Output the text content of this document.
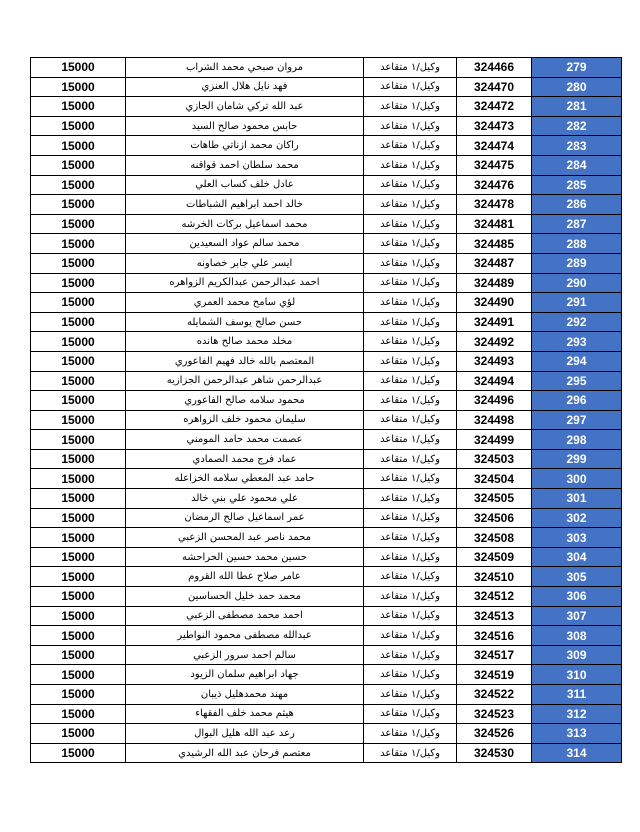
15000	مروان صبحي محمد الشراب	وكيل/١ متقاعد	324466	279
15000	فهد نايل هلال العنزي	وكيل/١ متقاعد	324470	280
15000	عبد الله تركي شامان الجازي	وكيل/١ متقاعد	324472	281
15000	حابس محمود صالح السيد	وكيل/١ متقاعد	324473	282
15000	راكان محمد ازناتي طاهات	وكيل/١ متقاعد	324474	283
15000	محمد سلطان احمد قواقنه	وكيل/١ متقاعد	324475	284
15000	عادل خلف كساب العلي	وكيل/١ متقاعد	324476	285
15000	خالد احمد ابراهيم الشباطات	وكيل/١ متقاعد	324478	286
15000	محمد اسماعيل بركات الخرشه	وكيل/١ متقاعد	324481	287
15000	محمد سالم عواد السعيدين	وكيل/١ متقاعد	324485	288
15000	ايسر علي جابر خصاونه	وكيل/١ متقاعد	324487	289
15000	احمد عبدالرحمن عبدالكريم الزواهره	وكيل/١ متقاعد	324489	290
15000	لؤي سامح محمد العمري	وكيل/١ متقاعد	324490	291
15000	حسن صالح يوسف الشمايله	وكيل/١ متقاعد	324491	292
15000	مخلد محمد صالح هانده	وكيل/١ متقاعد	324492	293
15000	المعتصم بالله خالد فهيم الفاعوري	وكيل/١ متقاعد	324493	294
15000	عبدالرحمن شاهر عبدالرحمن الجزازيه	وكيل/١ متقاعد	324494	295
15000	محمود سلامه صالح الفاعوري	وكيل/١ متقاعد	324496	296
15000	سليمان محمود خلف الزواهره	وكيل/١ متقاعد	324498	297
15000	عصمت محمد حامد المومني	وكيل/١ متقاعد	324499	298
15000	عماد فرج محمد الصمادي	وكيل/١ متقاعد	324503	299
15000	حامد عبد المعطي سلامه الخزاعله	وكيل/١ متقاعد	324504	300
15000	علي محمود علي بني خالد	وكيل/١ متقاعد	324505	301
15000	عمر اسماعيل صالح الرمضان	وكيل/١ متقاعد	324506	302
15000	محمد ناصر عبد المحسن الزعبي	وكيل/١ متقاعد	324508	303
15000	حسين محمد حسين الحراحشه	وكيل/١ متقاعد	324509	304
15000	عامر صلاح عطا الله القروم	وكيل/١ متقاعد	324510	305
15000	محمد حمد خليل الحساسين	وكيل/١ متقاعد	324512	306
15000	احمد محمد مصطفى الزعبي	وكيل/١ متقاعد	324513	307
15000	عبدالله مصطفى محمود النواطير	وكيل/١ متقاعد	324516	308
15000	سالم احمد سرور الزعبي	وكيل/١ متقاعد	324517	309
15000	جهاد ابراهيم سلمان الزيود	وكيل/١ متقاعد	324519	310
15000	مهند محمدهليل ذيبان	وكيل/١ متقاعد	324522	311
15000	هيثم محمد خلف الفقهاء	وكيل/١ متقاعد	324523	312
15000	رعد عبد الله هليل البوال	وكيل/١ متقاعد	324526	313
15000	معتصم فرحان عبد الله الرشيدي	وكيل/١ متقاعد	324530	314
